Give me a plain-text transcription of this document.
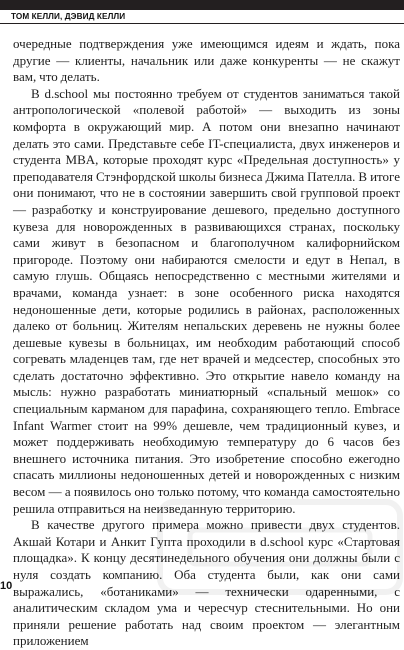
ТОМ КЕЛЛИ, ДЭВИД КЕЛЛИ

очередные подтверждения уже имеющимся идеям и ждать, пока другие — клиенты, начальник или даже конкуренты — не скажут вам, что делать.

В d.school мы постоянно требуем от студентов заниматься такой антропологической «полевой работой» — выходить из зоны комфорта в окружающий мир. А потом они внезапно начинают делать это сами. Представьте себе IT-специалиста, двух инженеров и студента MBA, которые проходят курс «Предельная доступность» у преподавателя Стэнфордской школы бизнеса Джима Пателла. В итоге они понимают, что не в состоянии завершить свой групповой проект — разработку и конструирование дешевого, предельно доступного кувеза для новорожденных в развивающихся странах, поскольку сами живут в безопасном и благополучном калифорнийском пригороде. Поэтому они набираются смелости и едут в Непал, в самую глушь. Общаясь непосредственно с местными жителями и врачами, команда узнает: в зоне особенного риска находятся недоношенные дети, которые родились в районах, расположенных далеко от больниц. Жителям непальских деревень не нужны более дешевые кувезы в больницах, им необходим работающий способ согревать младенцев там, где нет врачей и медсестер, способных это сделать достаточно эффективно. Это открытие навело команду на мысль: нужно разработать миниатюрный «спальный мешок» со специальным карманом для парафина, сохраняющего тепло. Embrace Infant Warmer стоит на 99% дешевле, чем традиционный кувез, и может поддерживать необходимую температуру до 6 часов без внешнего источника питания. Это изобретение способно ежегодно спасать миллионы недоношенных детей и новорожденных с низким весом — а появилось оно только потому, что команда самостоятельно решила отправиться на неизведанную территорию.

В качестве другого примера можно привести двух студентов. Акшай Котари и Анкит Гупта проходили в d.school курс «Стартовая площадка». К концу десятинедельного обучения они должны были с нуля создать компанию. Оба студента были, как они сами выражались, «ботаниками» — технически одаренными, с аналитическим складом ума и чересчур стеснительными. Но они приняли решение работать над своим проектом — элегантным приложением

10
